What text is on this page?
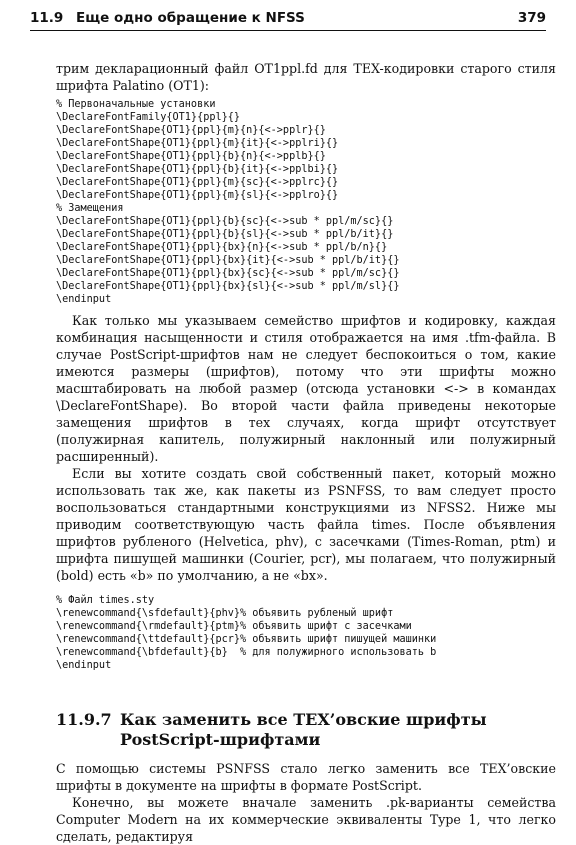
11.9 Еще одно обращение к NFSS	379

трим декларационный файл OT1ppl.fd для TEX-кодировки старого стиля шрифта Palatino (OT1):

% Первоначальные установки
\DeclareFontFamily{OT1}{ppl}{}
\DeclareFontShape{OT1}{ppl}{m}{n}{<->pplr}{}
\DeclareFontShape{OT1}{ppl}{m}{it}{<->pplri}{}
\DeclareFontShape{OT1}{ppl}{b}{n}{<->pplb}{}
\DeclareFontShape{OT1}{ppl}{b}{it}{<->pplbi}{}
\DeclareFontShape{OT1}{ppl}{m}{sc}{<->pplrc}{}
\DeclareFontShape{OT1}{ppl}{m}{sl}{<->pplro}{}
% Замещения
\DeclareFontShape{OT1}{ppl}{b}{sc}{<->sub * ppl/m/sc}{}
\DeclareFontShape{OT1}{ppl}{b}{sl}{<->sub * ppl/b/it}{}
\DeclareFontShape{OT1}{ppl}{bx}{n}{<->sub * ppl/b/n}{}
\DeclareFontShape{OT1}{ppl}{bx}{it}{<->sub * ppl/b/it}{}
\DeclareFontShape{OT1}{ppl}{bx}{sc}{<->sub * ppl/m/sc}{}
\DeclareFontShape{OT1}{ppl}{bx}{sl}{<->sub * ppl/m/sl}{}
\endinput

Как только мы указываем семейство шрифтов и кодировку, каждая комбинация насыщенности и стиля отображается на имя .tfm-файла. В случае PostScript-шрифтов нам не следует беспокоиться о том, какие имеются размеры (шрифтов), потому что эти шрифты можно масштабировать на любой размер (отсюда установки <-> в командах \DeclareFontShape). Во второй части файла приведены некоторые замещения шрифтов в тех случаях, когда шрифт отсутствует (полужирная капитель, полужирный наклонный или полужирный расширенный).

Если вы хотите создать свой собственный пакет, который можно использовать так же, как пакеты из PSNFSS, то вам следует просто воспользоваться стандартными конструкциями из NFSS2. Ниже мы приводим соответствующую часть файла times. После объявления шрифтов рубленого (Helvetica, phv), с засечками (Times-Roman, ptm) и шрифта пишущей машинки (Courier, pcr), мы полагаем, что полужирный (bold) есть «b» по умолчанию, а не «bx».

% Файл times.sty
\renewcommand{\sfdefault}{phv}% объявить рубленый шрифт
\renewcommand{\rmdefault}{ptm}% объявить шрифт с засечками
\renewcommand{\ttdefault}{pcr}% объявить шрифт пишущей машинки
\renewcommand{\bfdefault}{b}  % для полужирного использовать b
\endinput
11.9.7 Как заменить все TEX’овские шрифты
PostScript-шрифтами

С помощью системы PSNFSS стало легко заменить все TEX’овские шрифты в документе на шрифты в формате PostScript.

Конечно, вы можете вначале заменить .pk-варианты семейства Computer Modern на их коммерческие эквиваленты Type 1, что легко сделать, редактируя
